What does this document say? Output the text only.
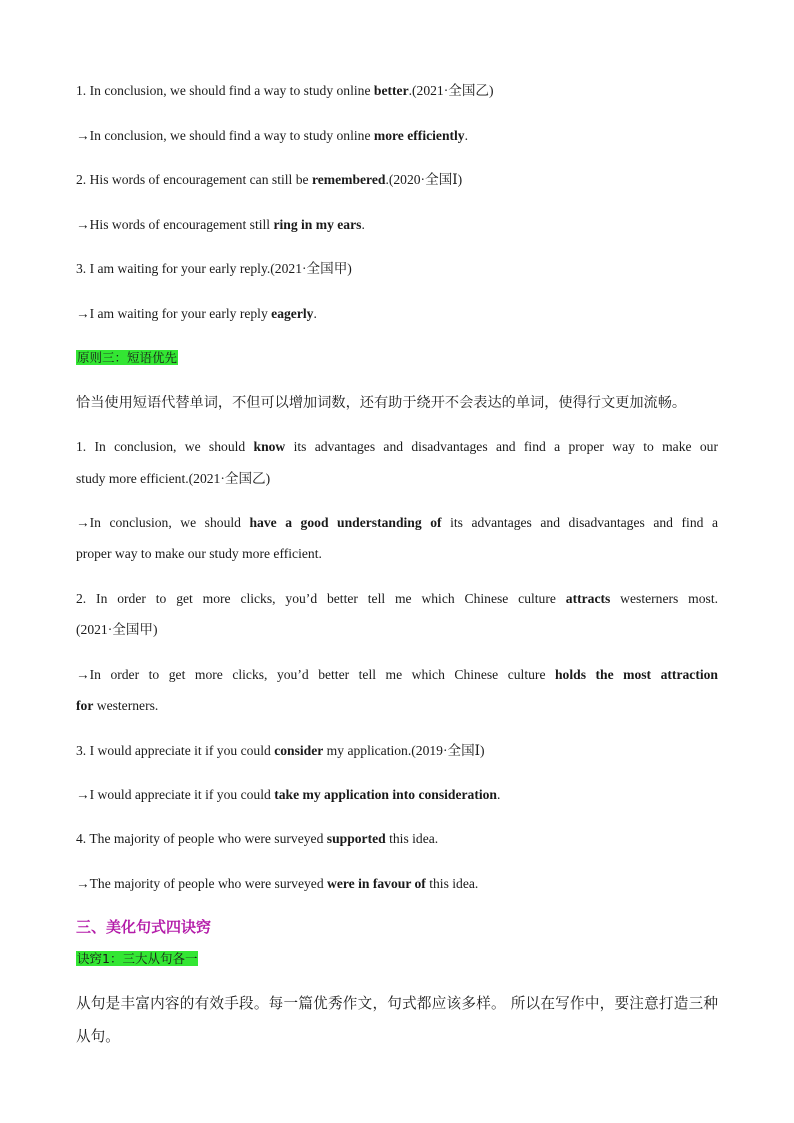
1. In conclusion, we should find a way to study online better.(2021·全国乙)
→In conclusion, we should find a way to study online more efficiently.
2. His words of encouragement can still be remembered.(2020·全国Ⅰ)
→His words of encouragement still ring in my ears.
3. I am waiting for your early reply.(2021·全国甲)
→I am waiting for your early reply eagerly.
原则三：短语优先
恰当使用短语代替单词，不但可以增加词数，还有助于绕开不会表达的单词，使得行文更加流畅。
1. In conclusion, we should know its advantages and disadvantages and find a proper way to make our
study more efficient.(2021·全国乙)
→In conclusion, we should have a good understanding of its advantages and disadvantages and find a
proper way to make our study more efficient.
2. In order to get more clicks, you’d better tell me which Chinese culture attracts westerners most.
(2021·全国甲)
→In order to get more clicks, you’d better tell me which Chinese culture holds the most attraction
for westerners.
3. I would appreciate it if you could consider my application.(2019·全国Ⅰ)
→I would appreciate it if you could take my application into consideration.
4. The majority of people who were surveyed supported this idea.
→The majority of people who were surveyed were in favour of this idea.
三、美化句式四诀窍
诀窍1：三大从句各一
从句是丰富内容的有效手段。每一篇优秀作文，句式都应该多样。 所以在写作中，要注意打造三种从句。
